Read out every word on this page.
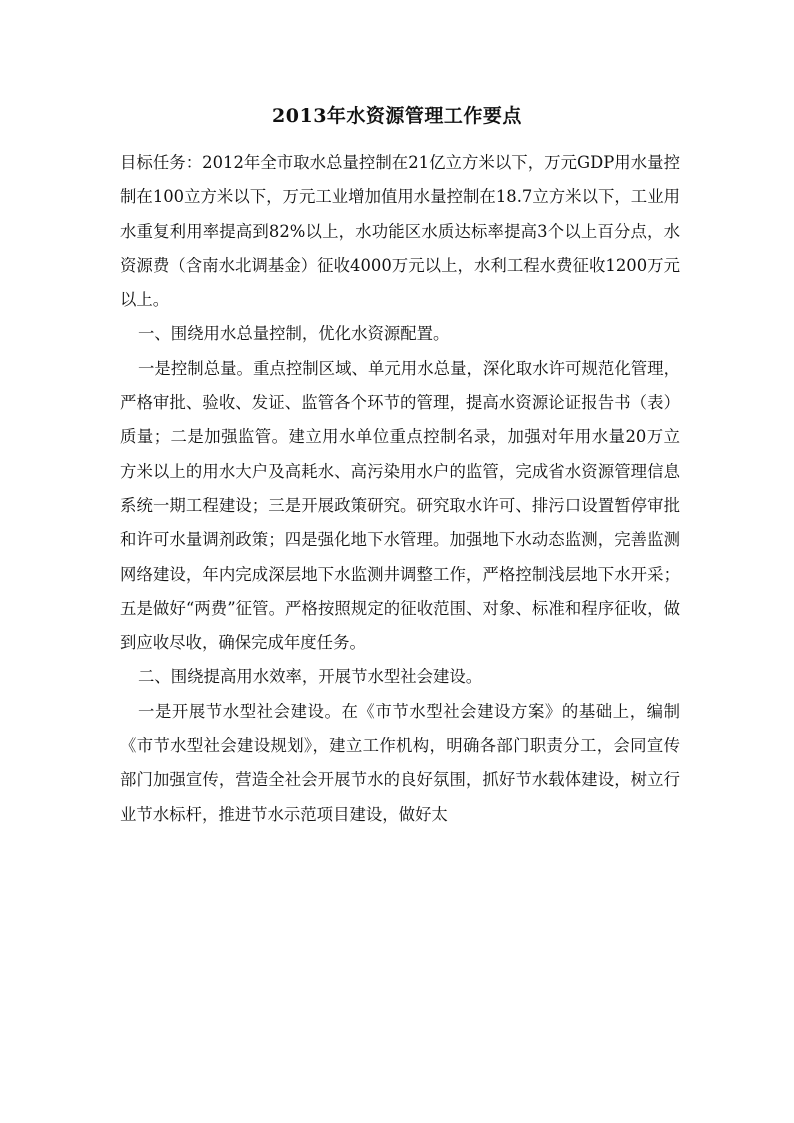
2013年水资源管理工作要点

目标任务：2012年全市取水总量控制在21亿立方米以下，万元GDP用水量控制在100立方米以下，万元工业增加值用水量控制在18.7立方米以下，工业用水重复利用率提高到82%以上，水功能区水质达标率提高3个以上百分点，水资源费（含南水北调基金）征收4000万元以上，水利工程水费征收1200万元以上。

一、围绕用水总量控制，优化水资源配置。

一是控制总量。重点控制区域、单元用水总量，深化取水许可规范化管理，严格审批、验收、发证、监管各个环节的管理，提高水资源论证报告书（表）质量；二是加强监管。建立用水单位重点控制名录，加强对年用水量20万立方米以上的用水大户及高耗水、高污染用水户的监管，完成省水资源管理信息系统一期工程建设；三是开展政策研究。研究取水许可、排污口设置暂停审批和许可水量调剂政策；四是强化地下水管理。加强地下水动态监测，完善监测网络建设，年内完成深层地下水监测井调整工作，严格控制浅层地下水开采；五是做好“两费”征管。严格按照规定的征收范围、对象、标准和程序征收，做到应收尽收，确保完成年度任务。

二、围绕提高用水效率，开展节水型社会建设。

一是开展节水型社会建设。在《市节水型社会建设方案》的基础上，编制《市节水型社会建设规划》，建立工作机构，明确各部门职责分工，会同宣传部门加强宣传，营造全社会开展节水的良好氛围，抓好节水载体建设，树立行业节水标杆，推进节水示范项目建设，做好太
